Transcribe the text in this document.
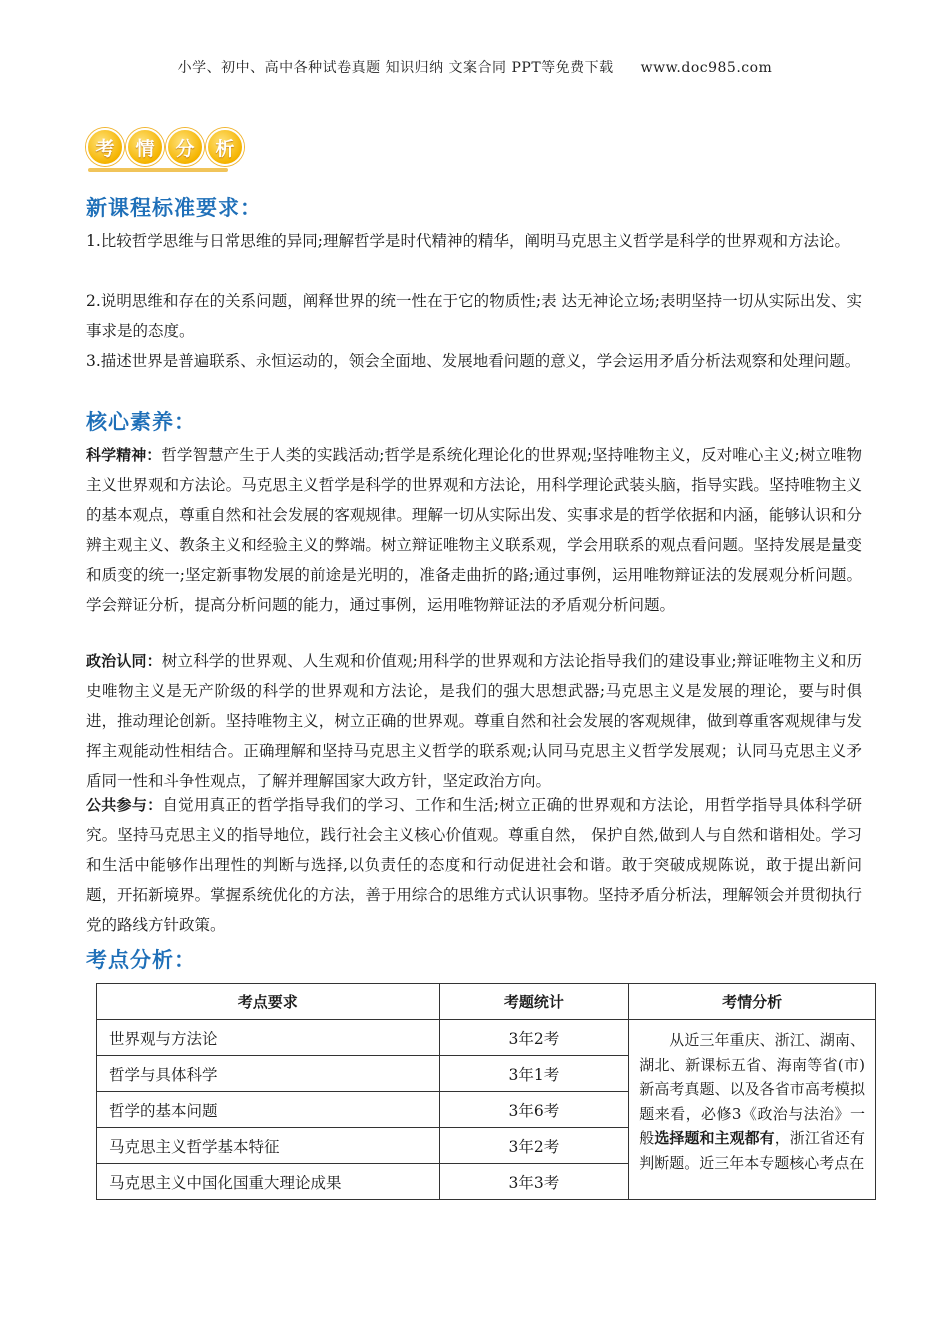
小学、初中、高中各种试卷真题 知识归纳 文案合同 PPT等免费下载 www.doc985.com
考	情	分	析
新课程标准要求：
1.比较哲学思维与日常思维的异同;理解哲学是时代精神的精华，阐明马克思主义哲学是科学的世界观和方法论。
2.说明思维和存在的关系问题，阐释世界的统一性在于它的物质性;表 达无神论立场;表明坚持一切从实际出发、实事求是的态度。
3.描述世界是普遍联系、永恒运动的，领会全面地、发展地看问题的意义，学会运用矛盾分析法观察和处理问题。
核心素养：
科学精神：哲学智慧产生于人类的实践活动;哲学是系统化理论化的世界观;坚持唯物主义，反对唯心主义;树立唯物主义世界观和方法论。马克思主义哲学是科学的世界观和方法论，用科学理论武装头脑，指导实践。坚持唯物主义的基本观点，尊重自然和社会发展的客观规律。理解一切从实际出发、实事求是的哲学依据和内涵，能够认识和分辨主观主义、教条主义和经验主义的弊端。树立辩证唯物主义联系观，学会用联系的观点看问题。坚持发展是量变和质变的统一;坚定新事物发展的前途是光明的，准备走曲折的路;通过事例，运用唯物辩证法的发展观分析问题。学会辩证分析，提高分析问题的能力，通过事例，运用唯物辩证法的矛盾观分析问题。
政治认同：树立科学的世界观、人生观和价值观;用科学的世界观和方法论指导我们的建设事业;辩证唯物主义和历史唯物主义是无产阶级的科学的世界观和方法论，是我们的强大思想武器;马克思主义是发展的理论，要与时俱进，推动理论创新。坚持唯物主义，树立正确的世界观。尊重自然和社会发展的客观规律，做到尊重客观规律与发挥主观能动性相结合。正确理解和坚持马克思主义哲学的联系观;认同马克思主义哲学发展观；认同马克思主义矛盾同一性和斗争性观点，了解并理解国家大政方针，坚定政治方向。
公共参与：自觉用真正的哲学指导我们的学习、工作和生活;树立正确的世界观和方法论，用哲学指导具体科学研究。坚持马克思主义的指导地位，践行社会主义核心价值观。尊重自然， 保护自然,做到人与自然和谐相处。学习和生活中能够作出理性的判断与选择,以负责任的态度和行动促进社会和谐。敢于突破成规陈说，敢于提出新问题，开拓新境界。掌握系统优化的方法，善于用综合的思维方式认识事物。坚持矛盾分析法，理解领会并贯彻执行党的路线方针政策。
考点分析：
考点要求	考题统计	考情分析
世界观与方法论	3年2考	从近三年重庆、浙江、湖南、湖北、新课标五省、海南等省(市)新高考真题、以及各省市高考模拟题来看，必修3《政治与法治》一般选择题和主观都有，浙江省还有判断题。近三年本专题核心考点在
哲学与具体科学	3年1考	
哲学的基本问题	3年6考	
马克思主义哲学基本特征	3年2考	
马克思主义中国化国重大理论成果	3年3考	
